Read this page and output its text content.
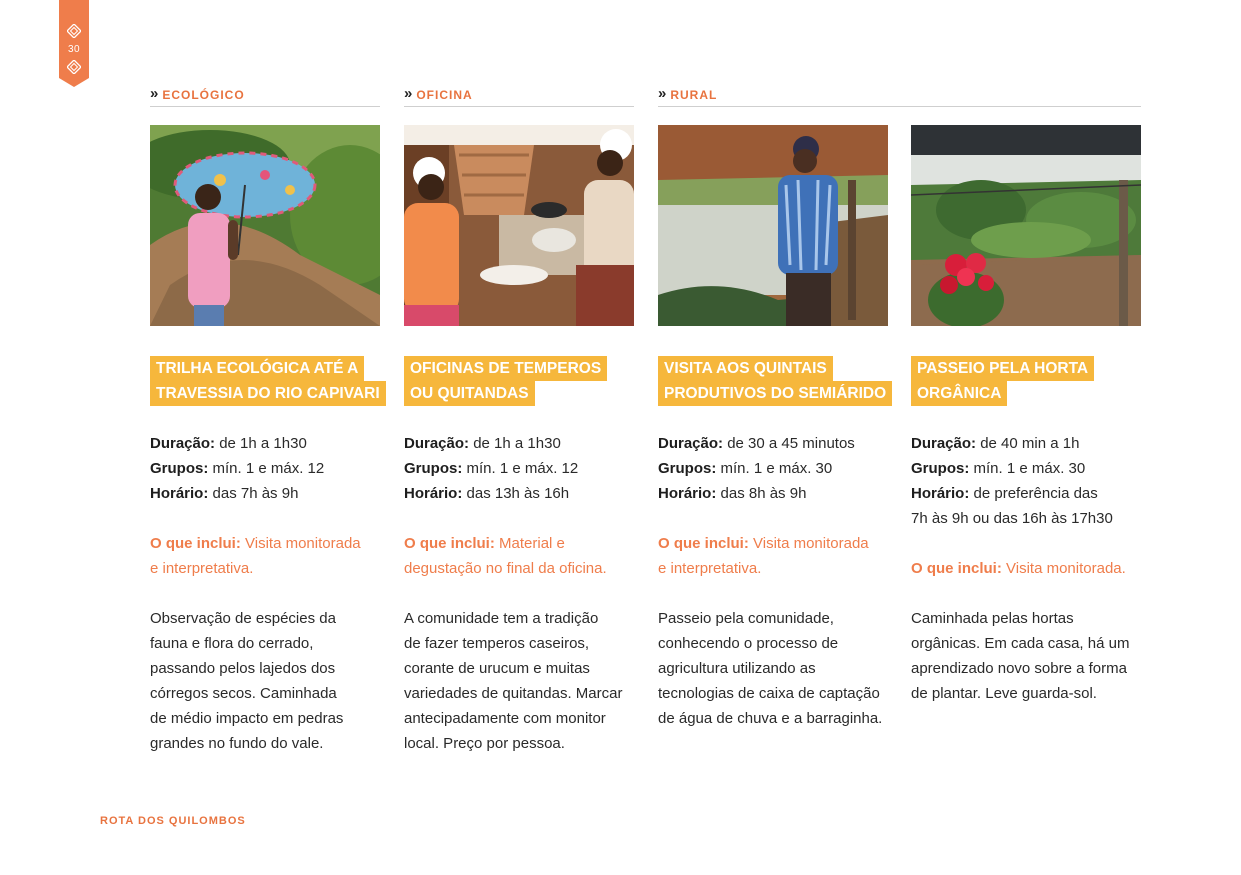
30
» ECOLÓGICO	» OFICINA	» RURAL
TRILHA ECOLÓGICA ATÉ A
TRAVESSIA DO RIO CAPIVARI
Duração: de 1h a 1h30
Grupos: mín. 1 e máx. 12
Horário: das 7h às 9h
O que inclui: Visita monitorada
e interpretativa.
Observação de espécies da
fauna e flora do cerrado,
passando pelos lajedos dos
córregos secos. Caminhada
de médio impacto em pedras
grandes no fundo do vale.
OFICINAS DE TEMPEROS
OU QUITANDAS
Duração: de 1h a 1h30
Grupos: mín. 1 e máx. 12
Horário: das 13h às 16h
O que inclui: Material e
degustação no final da oficina.
A comunidade tem a tradição
de fazer temperos caseiros,
corante de urucum e muitas
variedades de quitandas. Marcar
antecipadamente com monitor
local. Preço por pessoa.
VISITA AOS QUINTAIS
PRODUTIVOS DO SEMIÁRIDO
Duração: de 30 a 45 minutos
Grupos: mín. 1 e máx. 30
Horário: das 8h às 9h
O que inclui: Visita monitorada
e interpretativa.
Passeio pela comunidade,
conhecendo o processo de
agricultura utilizando as
tecnologias de caixa de captação
de água de chuva e a barraginha.
PASSEIO PELA HORTA
ORGÂNICA
Duração: de 40 min a 1h
Grupos: mín. 1 e máx. 30
Horário: de preferência das
7h às 9h ou das 16h às 17h30
O que inclui: Visita monitorada.
Caminhada pelas hortas
orgânicas. Em cada casa, há um
aprendizado novo sobre a forma
de plantar. Leve guarda-sol.
ROTA DOS QUILOMBOS
